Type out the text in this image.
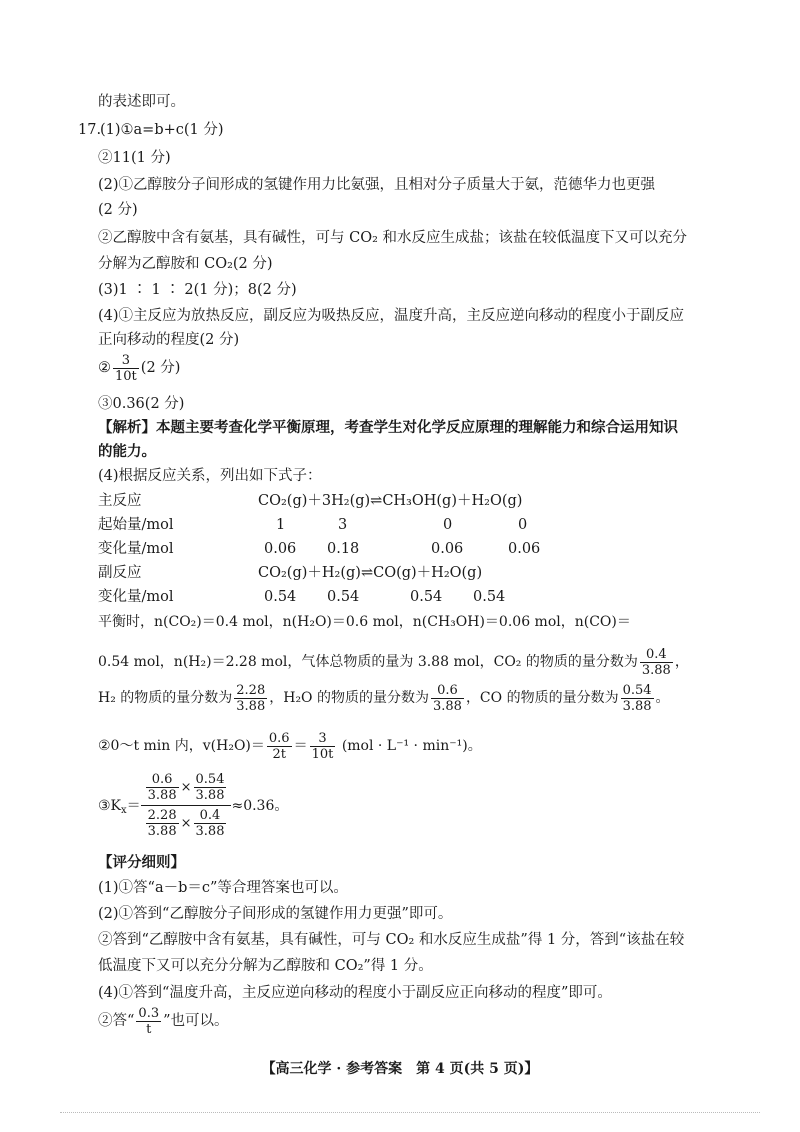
的表述即可。
17.
(1)①a=b+c(1 分)
②11(1 分)
(2)①乙醇胺分子间形成的氢键作用力比氨强，且相对分子质量大于氨，范德华力也更强
(2 分)
②乙醇胺中含有氨基，具有碱性，可与 CO₂ 和水反应生成盐；该盐在较低温度下又可以充分
分解为乙醇胺和 CO₂(2 分)
(3)1 ∶ 1 ∶ 2(1 分)；8(2 分)
(4)①主反应为放热反应，副反应为吸热反应，温度升高，主反应逆向移动的程度小于副反应
正向移动的程度(2 分)
② $\frac{3}{10t} (2$ 分)
③0.36(2 分)
【解析】本题主要考查化学平衡原理，考查学生对化学反应原理的理解能力和综合运用知识
的能力。
(4)根据反应关系，列出如下式子：
主反应	CO₂(g)＋3H₂(g)⇌CH₃OH(g)＋H₂O(g)
起始量/mol	1	3	0	0
变化量/mol	0.06 0.18	0.06	0.06
副反应	CO₂(g)＋H₂(g)⇌CO(g)＋H₂O(g)
变化量/mol	0.54 0.54	0.54 0.54
平衡时，n(CO₂)＝0.4 mol，n(H₂O)＝0.6 mol，n(CH₃OH)＝0.06 mol，n(CO)＝
0.54 mol，n(H₂)＝2.28 mol，气体总物质的量为 3.88 mol，CO₂ 的物质的量分数为 $\frac{0.4}{3.88}$ ，
H₂ 的物质的量分数为 $\frac{2.28}{3.88}$ ，H₂O 的物质的量分数为 $\frac{0.6}{3.88}$ ，CO 的物质的量分数为 $\frac{0.54}{3.88}$ 。
②0～t min 内，$v(H_2O)= \frac{0.6}{2t} = \frac{3}{10t} (mol \cdot L^{-1} \cdot \min^{-1})$。
$③K_x= \frac{\frac{0.6}{3.88} \times \frac{0.54}{3.88}}{\frac{2.28}{3.88} \times \frac{0.4}{3.88}} \approx 0.36$。
【评分细则】
(1)①答“a－b＝c”等合理答案也可以。
(2)①答到“乙醇胺分子间形成的氢键作用力更强”即可。
②答到“乙醇胺中含有氨基，具有碱性，可与 CO₂ 和水反应生成盐”得 1 分，答到“该盐在较
低温度下又可以充分分解为乙醇胺和 CO₂”得 1 分。
(4)①答到“温度升高，主反应逆向移动的程度小于副反应正向移动的程度”即可。
②答“ $\frac{0.3}{t}$ ”也可以。
【高三化学 · 参考答案　第 4 页(共 5 页)】
